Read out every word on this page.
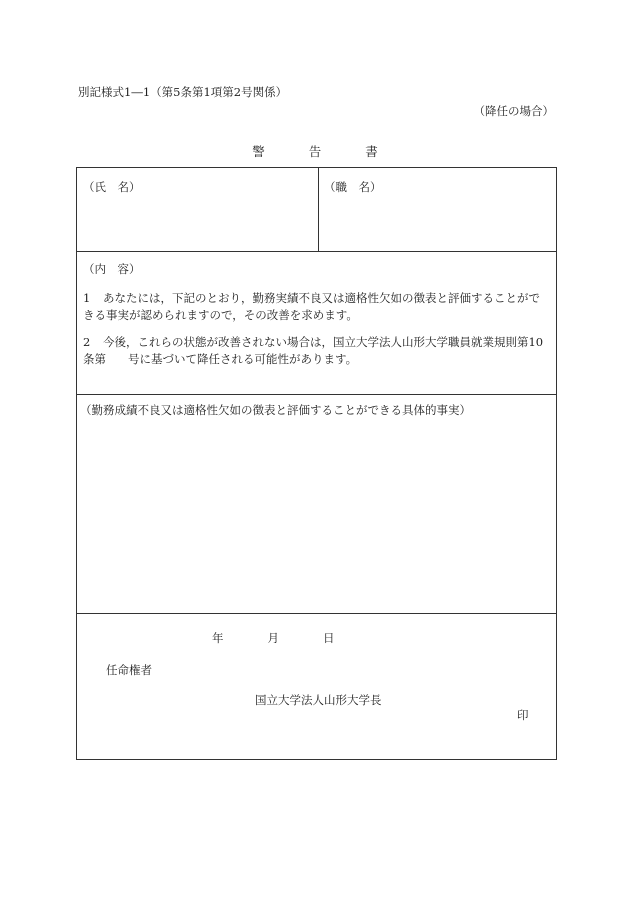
別記様式1―1（第5条第1項第2号関係）
（降任の場合）
警	告	書
（氏　名）	（職　名）
（内　容）
1 あなたには，下記のとおり，勤務実績不良又は適格性欠如の徴表と評価することができる事実が認められますので，その改善を求めます。
2 今後，これらの状態が改善されない場合は，国立大学法人山形大学職員就業規則第10条第 号に基づいて降任される可能性があります。
（勤務成績不良又は適格性欠如の徴表と評価することができる具体的事実）
年	月	日
任命権者
国立大学法人山形大学長
印
